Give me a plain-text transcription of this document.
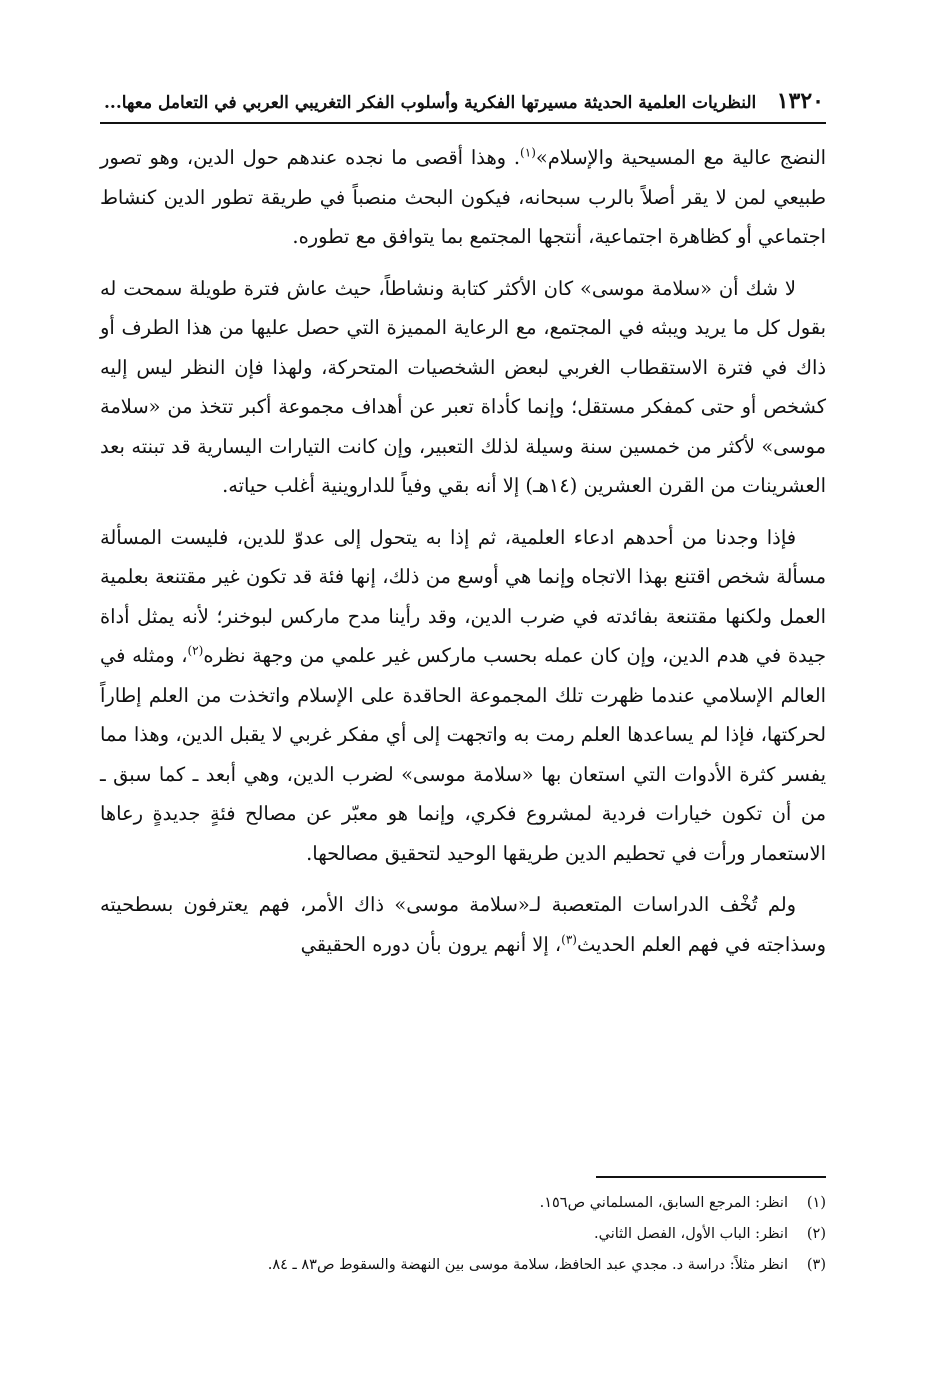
١٣٢٠
النظريات العلمية الحديثة مسيرتها الفكرية وأسلوب الفكر التغريبي العربي في التعامل معها...

النضج عالية مع المسيحية والإسلام»$^{(١)}$. وهذا أقصى ما نجده عندهم حول الدين، وهو تصور طبيعي لمن لا يقر أصلاً بالرب سبحانه، فيكون البحث منصباً في طريقة تطور الدين كنشاط اجتماعي أو كظاهرة اجتماعية، أنتجها المجتمع بما يتوافق مع تطوره.

لا شك أن «سلامة موسى» كان الأكثر كتابة ونشاطاً، حيث عاش فترة طويلة سمحت له بقول كل ما يريد ويبثه في المجتمع، مع الرعاية المميزة التي حصل عليها من هذا الطرف أو ذاك في فترة الاستقطاب الغربي لبعض الشخصيات المتحركة، ولهذا فإن النظر ليس إليه كشخص أو حتى كمفكر مستقل؛ وإنما كأداة تعبر عن أهداف مجموعة أكبر تتخذ من «سلامة موسى» لأكثر من خمسين سنة وسيلة لذلك التعبير، وإن كانت التيارات اليسارية قد تبنته بعد العشرينات من القرن العشرين (١٤هـ) إلا أنه بقي وفياً للداروينية أغلب حياته.

فإذا وجدنا من أحدهم ادعاء العلمية، ثم إذا به يتحول إلى عدوّ للدين، فليست المسألة مسألة شخص اقتنع بهذا الاتجاه وإنما هي أوسع من ذلك، إنها فئة قد تكون غير مقتنعة بعلمية العمل ولكنها مقتنعة بفائدته في ضرب الدين، وقد رأينا مدح ماركس لبوخنر؛ لأنه يمثل أداة جيدة في هدم الدين، وإن كان عمله بحسب ماركس غير علمي من وجهة نظره$^{(٢)}$، ومثله في العالم الإسلامي عندما ظهرت تلك المجموعة الحاقدة على الإسلام واتخذت من العلم إطاراً لحركتها، فإذا لم يساعدها العلم رمت به واتجهت إلى أي مفكر غربي لا يقبل الدين، وهذا مما يفسر كثرة الأدوات التي استعان بها «سلامة موسى» لضرب الدين، وهي أبعد ـ كما سبق ـ من أن تكون خيارات فردية لمشروع فكري، وإنما هو معبّر عن مصالح فئةٍ جديدةٍ رعاها الاستعمار ورأت في تحطيم الدين طريقها الوحيد لتحقيق مصالحها.

ولم تُخْف الدراسات المتعصبة لـ«سلامة موسى» ذاك الأمر، فهم يعترفون بسطحيته وسذاجته في فهم العلم الحديث$^{(٣)}$، إلا أنهم يرون بأن دوره الحقيقي

(١)
انظر: المرجع السابق، المسلماني ص١٥٦.
(٢)
انظر: الباب الأول، الفصل الثاني.
(٣)
انظر مثلاً: دراسة د. مجدي عبد الحافظ، سلامة موسى بين النهضة والسقوط ص٨٣ ـ ٨٤.
